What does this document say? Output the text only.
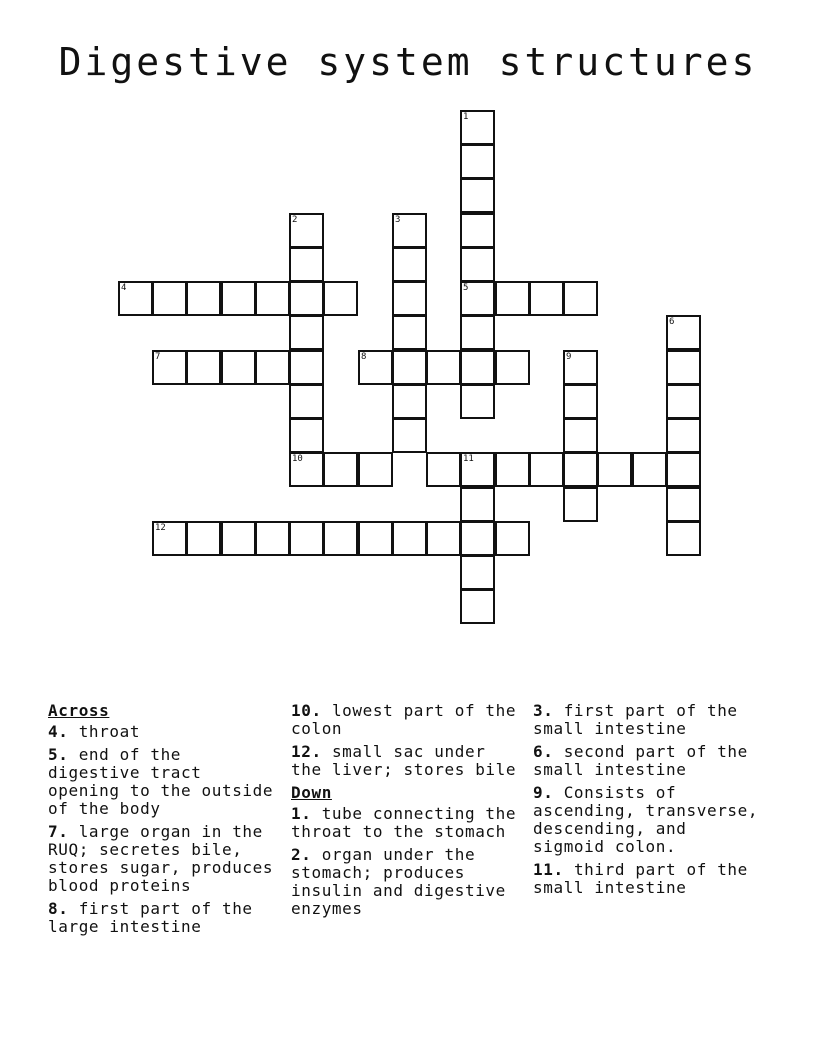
Digestive system structures
1
5
2	3
4
6
7	8	9
10	11
12
Across
4. throat
5. end of the digestive tract opening to the outside of the body
7. large organ in the RUQ; secretes bile, stores sugar, produces blood proteins
8. first part of the large intestine
10. lowest part of the colon
12. small sac under the liver; stores bile
Down
1. tube connecting the throat to the stomach
2. organ under the stomach; produces insulin and digestive enzymes
3. first part of the small intestine
6. second part of the small intestine
9. Consists of ascending, transverse, descending, and sigmoid colon.
11. third part of the small intestine
